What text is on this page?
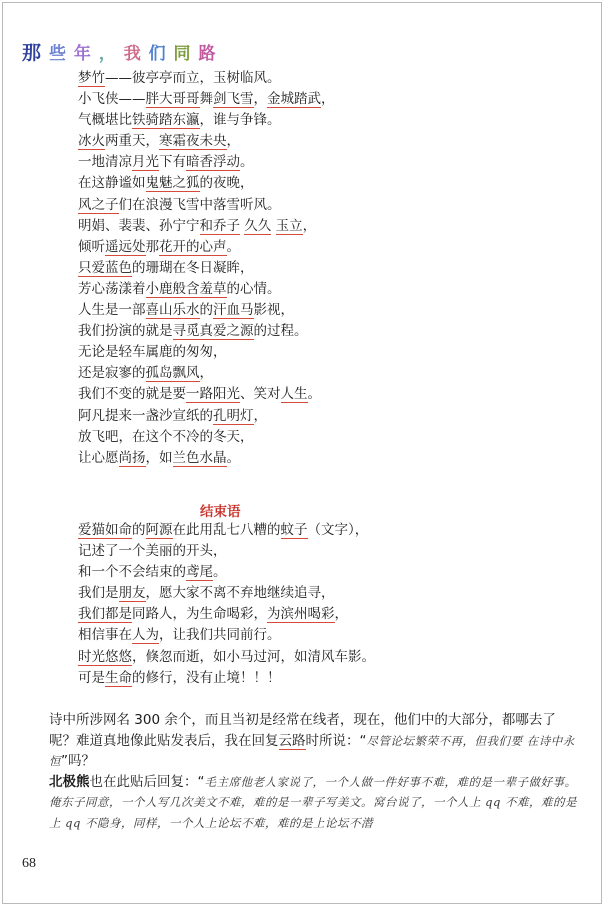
那 些 年 ， 我 们 同 路
梦竹——彼亭亭而立，玉树临风。
小飞侠——胖大哥哥舞剑飞雪，金城踏武，
气概堪比铁骑踏东瀛，谁与争锋。
冰火两重天，寒霜夜未央，
一地清凉月光下有暗香浮动。
在这静谧如鬼魅之狐的夜晚，
风之子们在浪漫飞雪中落雪听风。
明娟、裴裴、孙宁宁和乔子 久久 玉立，
倾听遥远处那花开的心声。
只爱蓝色的珊瑚在冬日凝眸，
芳心荡漾着小鹿般含羞草的心情。
人生是一部喜山乐水的汗血马影视，
我们扮演的就是寻觅真爱之源的过程。
无论是轻车属鹿的匆匆，
还是寂寥的孤岛飘风，
我们不变的就是要一路阳光、笑对人生。
阿凡提来一盏沙宣纸的孔明灯，
放飞吧，在这个不冷的冬天，
让心愿尚扬，如兰色水晶。
结束语
爱猫如命的阿源在此用乱七八糟的蚊子（文字），
记述了一个美丽的开头，
和一个不会结束的鸢尾。
我们是朋友，愿大家不离不弃地继续追寻，
我们都是同路人，为生命喝彩，为滨州喝彩，
相信事在人为，让我们共同前行。
时光悠悠，倏忽而逝，如小马过河，如清风车影。
可是生命的修行，没有止境！！！

诗中所涉网名 300 余个，而且当初是经常在线者，现在，他们中的大部分，都哪去了呢？难道真地像此贴发表后，我在回复云路时所说：“尽管论坛繁荣不再，但我们要 在诗中永恒”吗？

北极熊也在此贴后回复：“毛主席他老人家说了，一个人做一件好事不难，难的是一辈子做好事。俺东子同意，一个人写几次美文不难，难的是一辈子写美文。窝台说了，一个人上 qq 不难，难的是上 qq 不隐身，同样，一个人上论坛不难，难的是上论坛不潜

68
